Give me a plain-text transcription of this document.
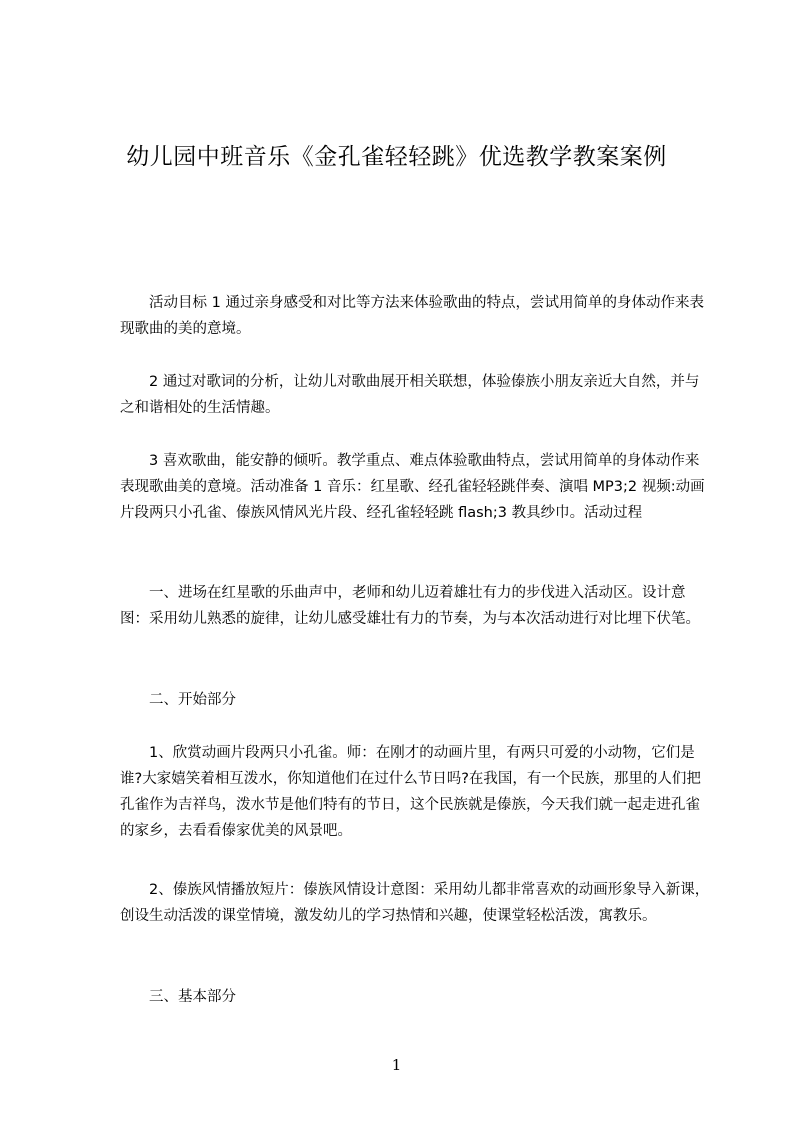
幼儿园中班音乐《金孔雀轻轻跳》优选教学教案案例

活动目标 1 通过亲身感受和对比等方法来体验歌曲的特点，尝试用简单的身体动作来表现歌曲的美的意境。

2 通过对歌词的分析，让幼儿对歌曲展开相关联想，体验傣族小朋友亲近大自然，并与之和谐相处的生活情趣。

3 喜欢歌曲，能安静的倾听。教学重点、难点体验歌曲特点，尝试用简单的身体动作来表现歌曲美的意境。活动准备 1 音乐：红星歌、经孔雀轻轻跳伴奏、演唱 MP3;2 视频:动画片段两只小孔雀、傣族风情风光片段、经孔雀轻轻跳 flash;3 教具纱巾。活动过程

一、进场在红星歌的乐曲声中，老师和幼儿迈着雄壮有力的步伐进入活动区。设计意图：采用幼儿熟悉的旋律，让幼儿感受雄壮有力的节奏，为与本次活动进行对比埋下伏笔。

二、开始部分

1、欣赏动画片段两只小孔雀。师：在刚才的动画片里，有两只可爱的小动物，它们是谁?大家嬉笑着相互泼水，你知道他们在过什么节日吗?在我国，有一个民族，那里的人们把孔雀作为吉祥鸟，泼水节是他们特有的节日，这个民族就是傣族，今天我们就一起走进孔雀的家乡，去看看傣家优美的风景吧。

2、傣族风情播放短片：傣族风情设计意图：采用幼儿都非常喜欢的动画形象导入新课，创设生动活泼的课堂情境，激发幼儿的学习热情和兴趣，使课堂轻松活泼，寓教乐。

三、基本部分

1
